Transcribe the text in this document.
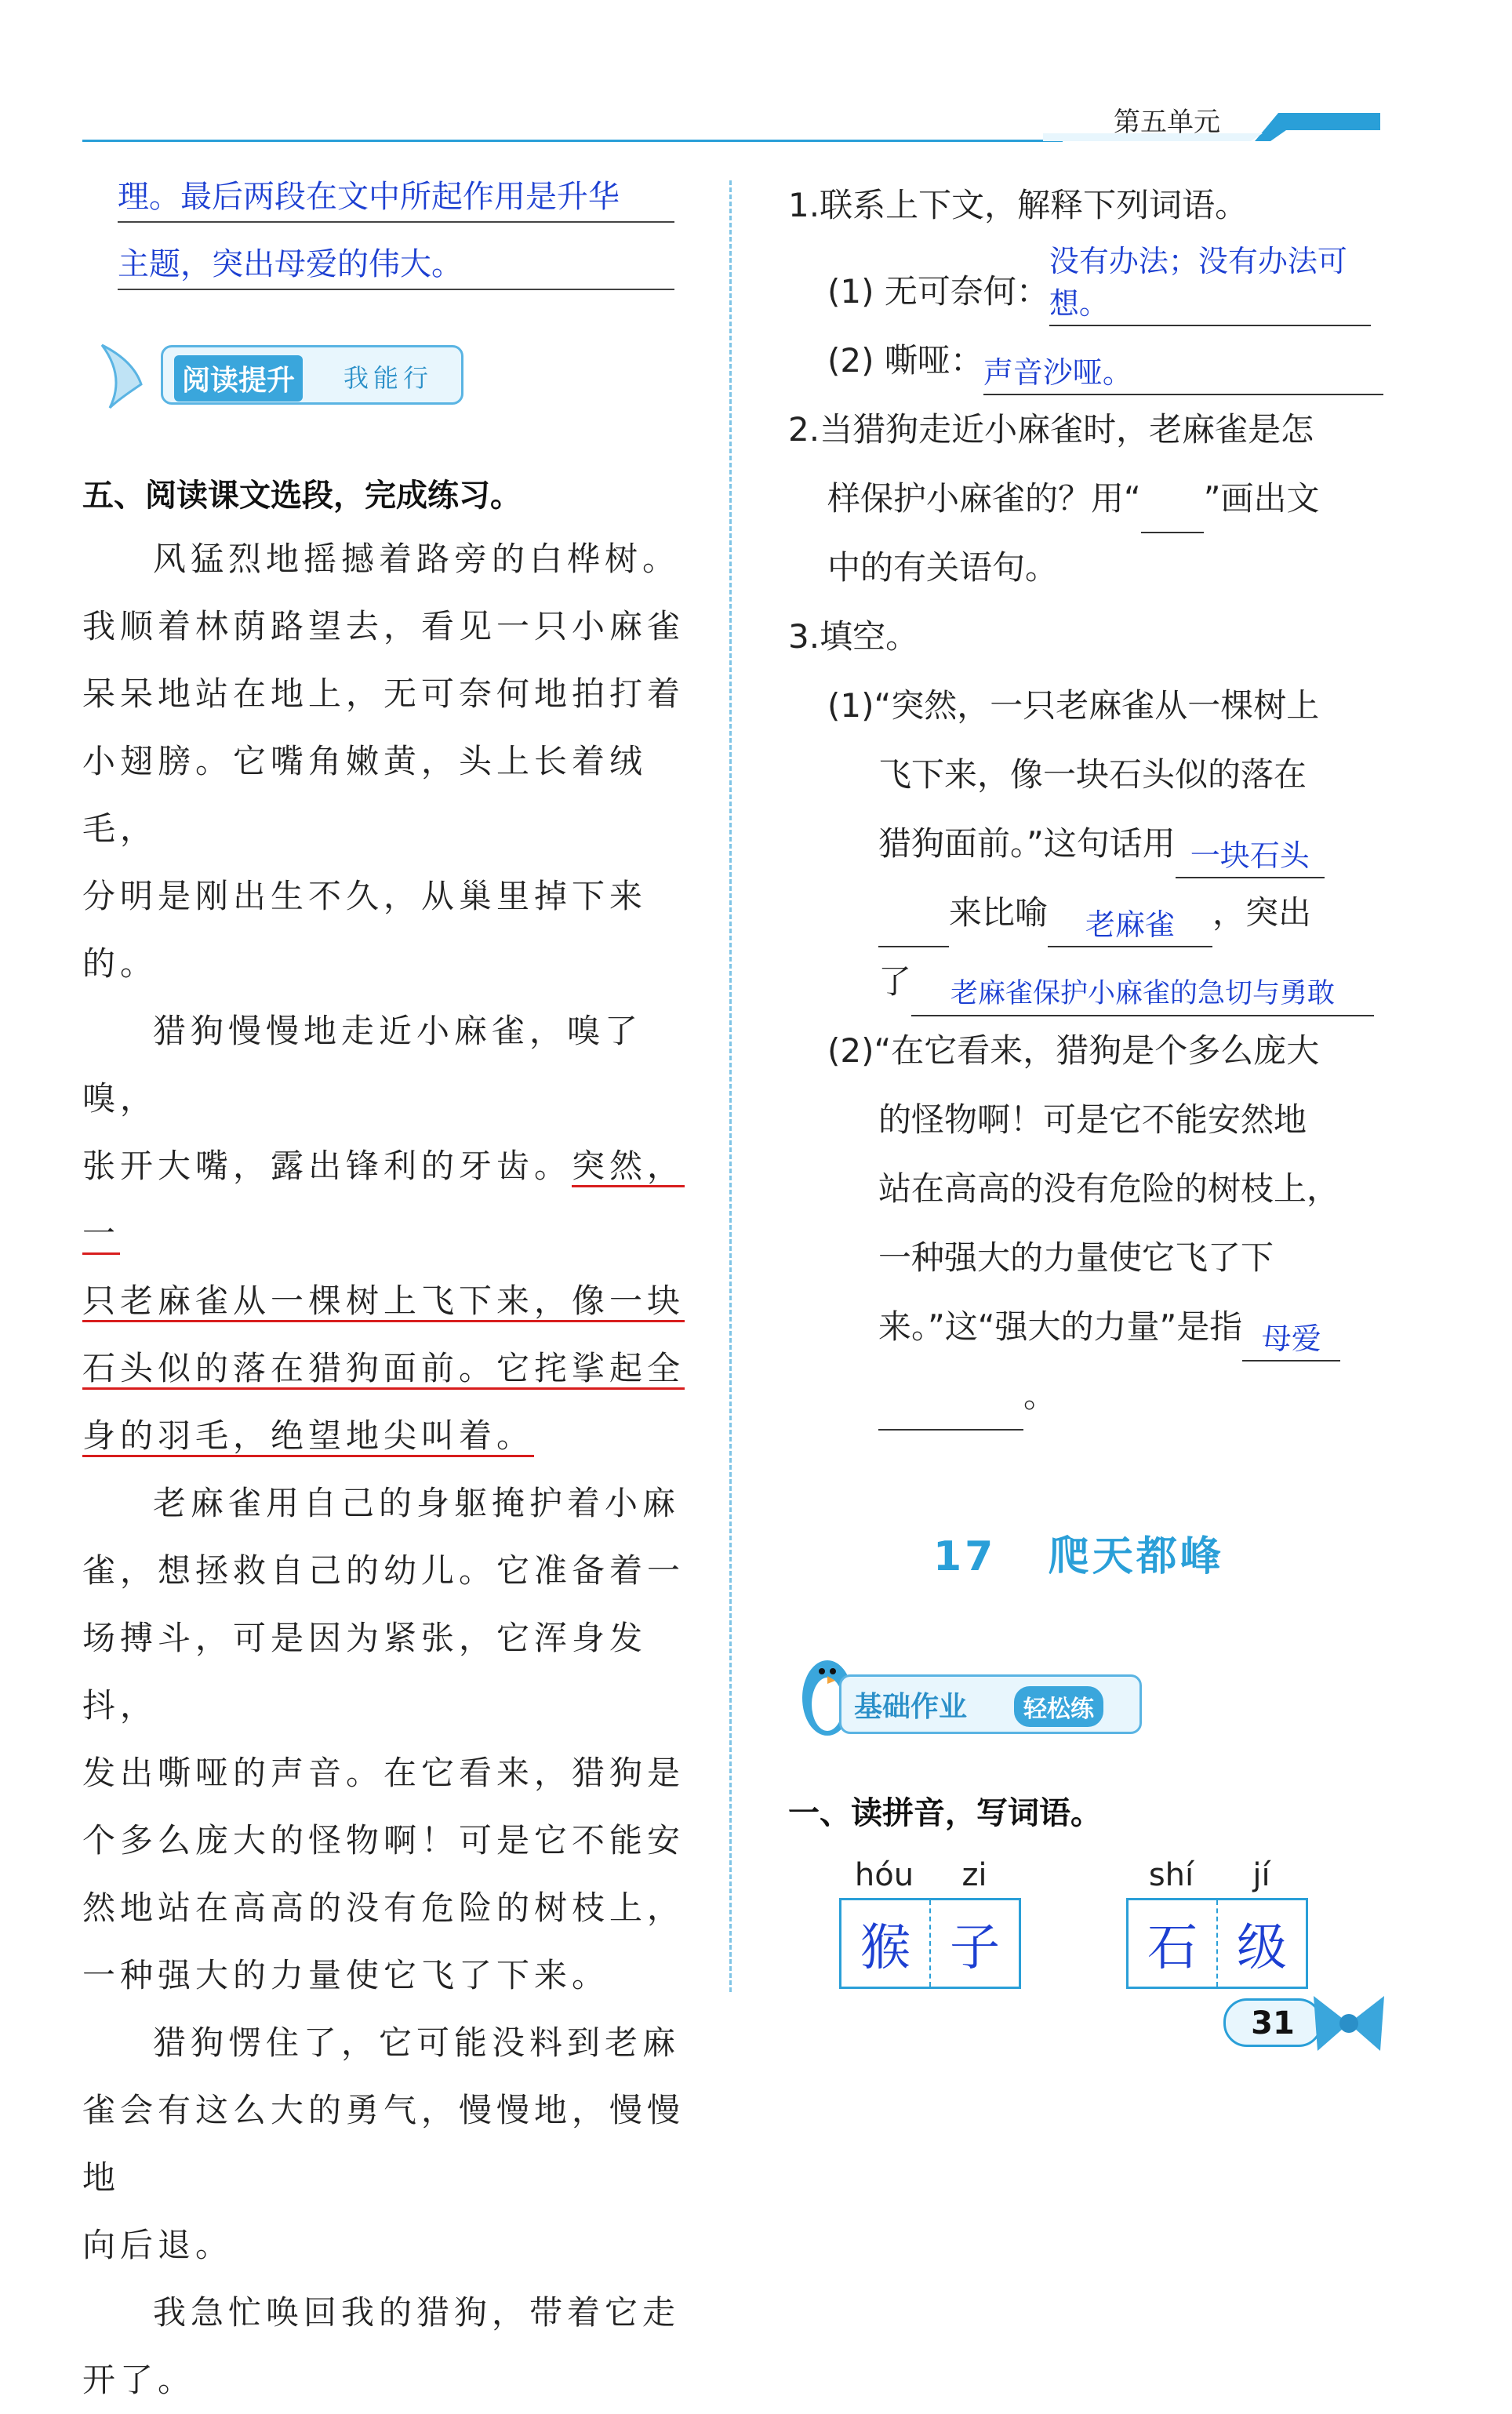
第五单元
理。最后两段在文中所起作用是升华
主题，突出母爱的伟大。
阅读提升	我能行
五、阅读课文选段，完成练习。
风猛烈地摇撼着路旁的白桦树。
我顺着林荫路望去，看见一只小麻雀
呆呆地站在地上，无可奈何地拍打着
小翅膀。它嘴角嫩黄，头上长着绒毛，
分明是刚出生不久，从巢里掉下来的。
猎狗慢慢地走近小麻雀，嗅了嗅，
张开大嘴，露出锋利的牙齿。突然，一
只老麻雀从一棵树上飞下来，像一块
石头似的落在猎狗面前。它挓挲起全
身的羽毛，绝望地尖叫着。
老麻雀用自己的身躯掩护着小麻
雀，想拯救自己的幼儿。它准备着一
场搏斗，可是因为紧张，它浑身发抖，
发出嘶哑的声音。在它看来，猎狗是
个多么庞大的怪物啊！可是它不能安
然地站在高高的没有危险的树枝上，
一种强大的力量使它飞了下来。
猎狗愣住了，它可能没料到老麻
雀会有这么大的勇气，慢慢地，慢慢地
向后退。
我急忙唤回我的猎狗，带着它走
开了。
1.联系上下文，解释下列词语。
(1) 无可奈何：没有办法；没有办法可想。
(2) 嘶哑：声音沙哑。
2.当猎狗走近小麻雀时，老麻雀是怎
样保护小麻雀的？用“ ”画出文
中的有关语句。
3.填空。
(1)“突然，一只老麻雀从一棵树上
飞下来，像一块石头似的落在
猎狗面前。”这句话用 一块石头
来比喻 老麻雀 ，突出
了 老麻雀保护小麻雀的急切与勇敢
(2)“在它看来，猎狗是个多么庞大
的怪物啊！可是它不能安然地
站在高高的没有危险的树枝上，
一种强大的力量使它飞了下
来。”这“强大的力量”是指 母爱
。
17 爬天都峰
基础作业	轻松练
一、读拼音，写词语。
hóu	zi
猴 子
shí	jí
石 级
31
